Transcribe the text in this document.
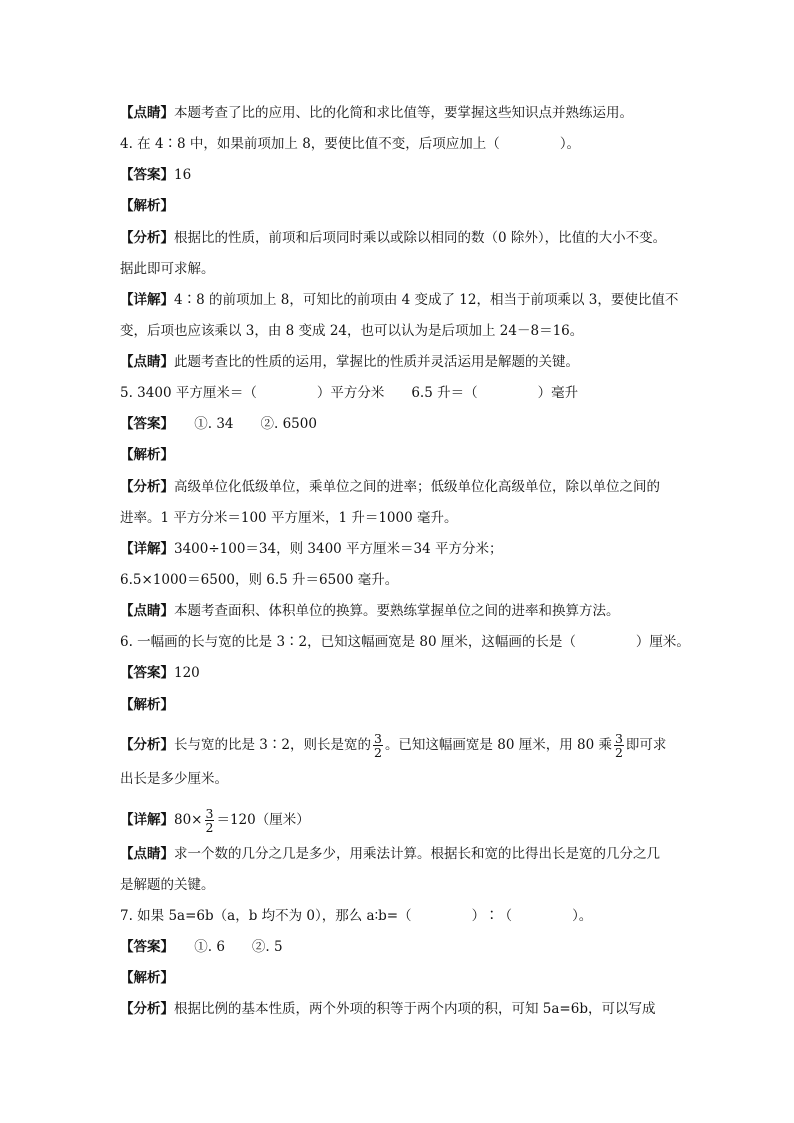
【点睛】本题考查了比的应用、比的化简和求比值等，要掌握这些知识点并熟练运用。
4. 在 4∶8 中，如果前项加上 8，要使比值不变，后项应加上（	）。
【答案】16
【解析】
【分析】根据比的性质，前项和后项同时乘以或除以相同的数（0 除外），比值的大小不变。
据此即可求解。
【详解】4∶8 的前项加上 8，可知比的前项由 4 变成了 12，相当于前项乘以 3，要使比值不
变，后项也应该乘以 3，由 8 变成 24，也可以认为是后项加上 24－8＝16。
【点睛】此题考查比的性质的运用，掌握比的性质并灵活运用是解题的关键。
5. 3400 平方厘米＝（	）平方分米　　6.5 升＝（	）毫升
【答案】　　①. 34　　②. 6500
【解析】
【分析】高级单位化低级单位，乘单位之间的进率；低级单位化高级单位，除以单位之间的
进率。1 平方分米＝100 平方厘米，1 升＝1000 毫升。
【详解】3400÷100＝34，则 3400 平方厘米＝34 平方分米；
6.5×1000＝6500，则 6.5 升＝6500 毫升。
【点睛】本题考查面积、体积单位的换算。要熟练掌握单位之间的进率和换算方法。
6. 一幅画的长与宽的比是 3∶2，已知这幅画宽是 80 厘米，这幅画的长是（	）厘米。
【答案】120
【解析】
【分析】长与宽的比是 3∶2，则长是宽的 $\frac{3}{2}$ 。已知这幅画宽是 80 厘米，用 80 乘 $\frac{3}{2}$ 即可求
出长是多少厘米。
【详解】$80\times \frac{3}{2} =120$（厘米）
【点睛】求一个数的几分之几是多少，用乘法计算。根据长和宽的比得出长是宽的几分之几
是解题的关键。
7. 如果 5a=6b（a，b 均不为 0），那么 a∶b=（	）∶（	）。
【答案】　　①. 6　　②. 5
【解析】
【分析】根据比例的基本性质，两个外项的积等于两个内项的积，可知 5a=6b，可以写成
